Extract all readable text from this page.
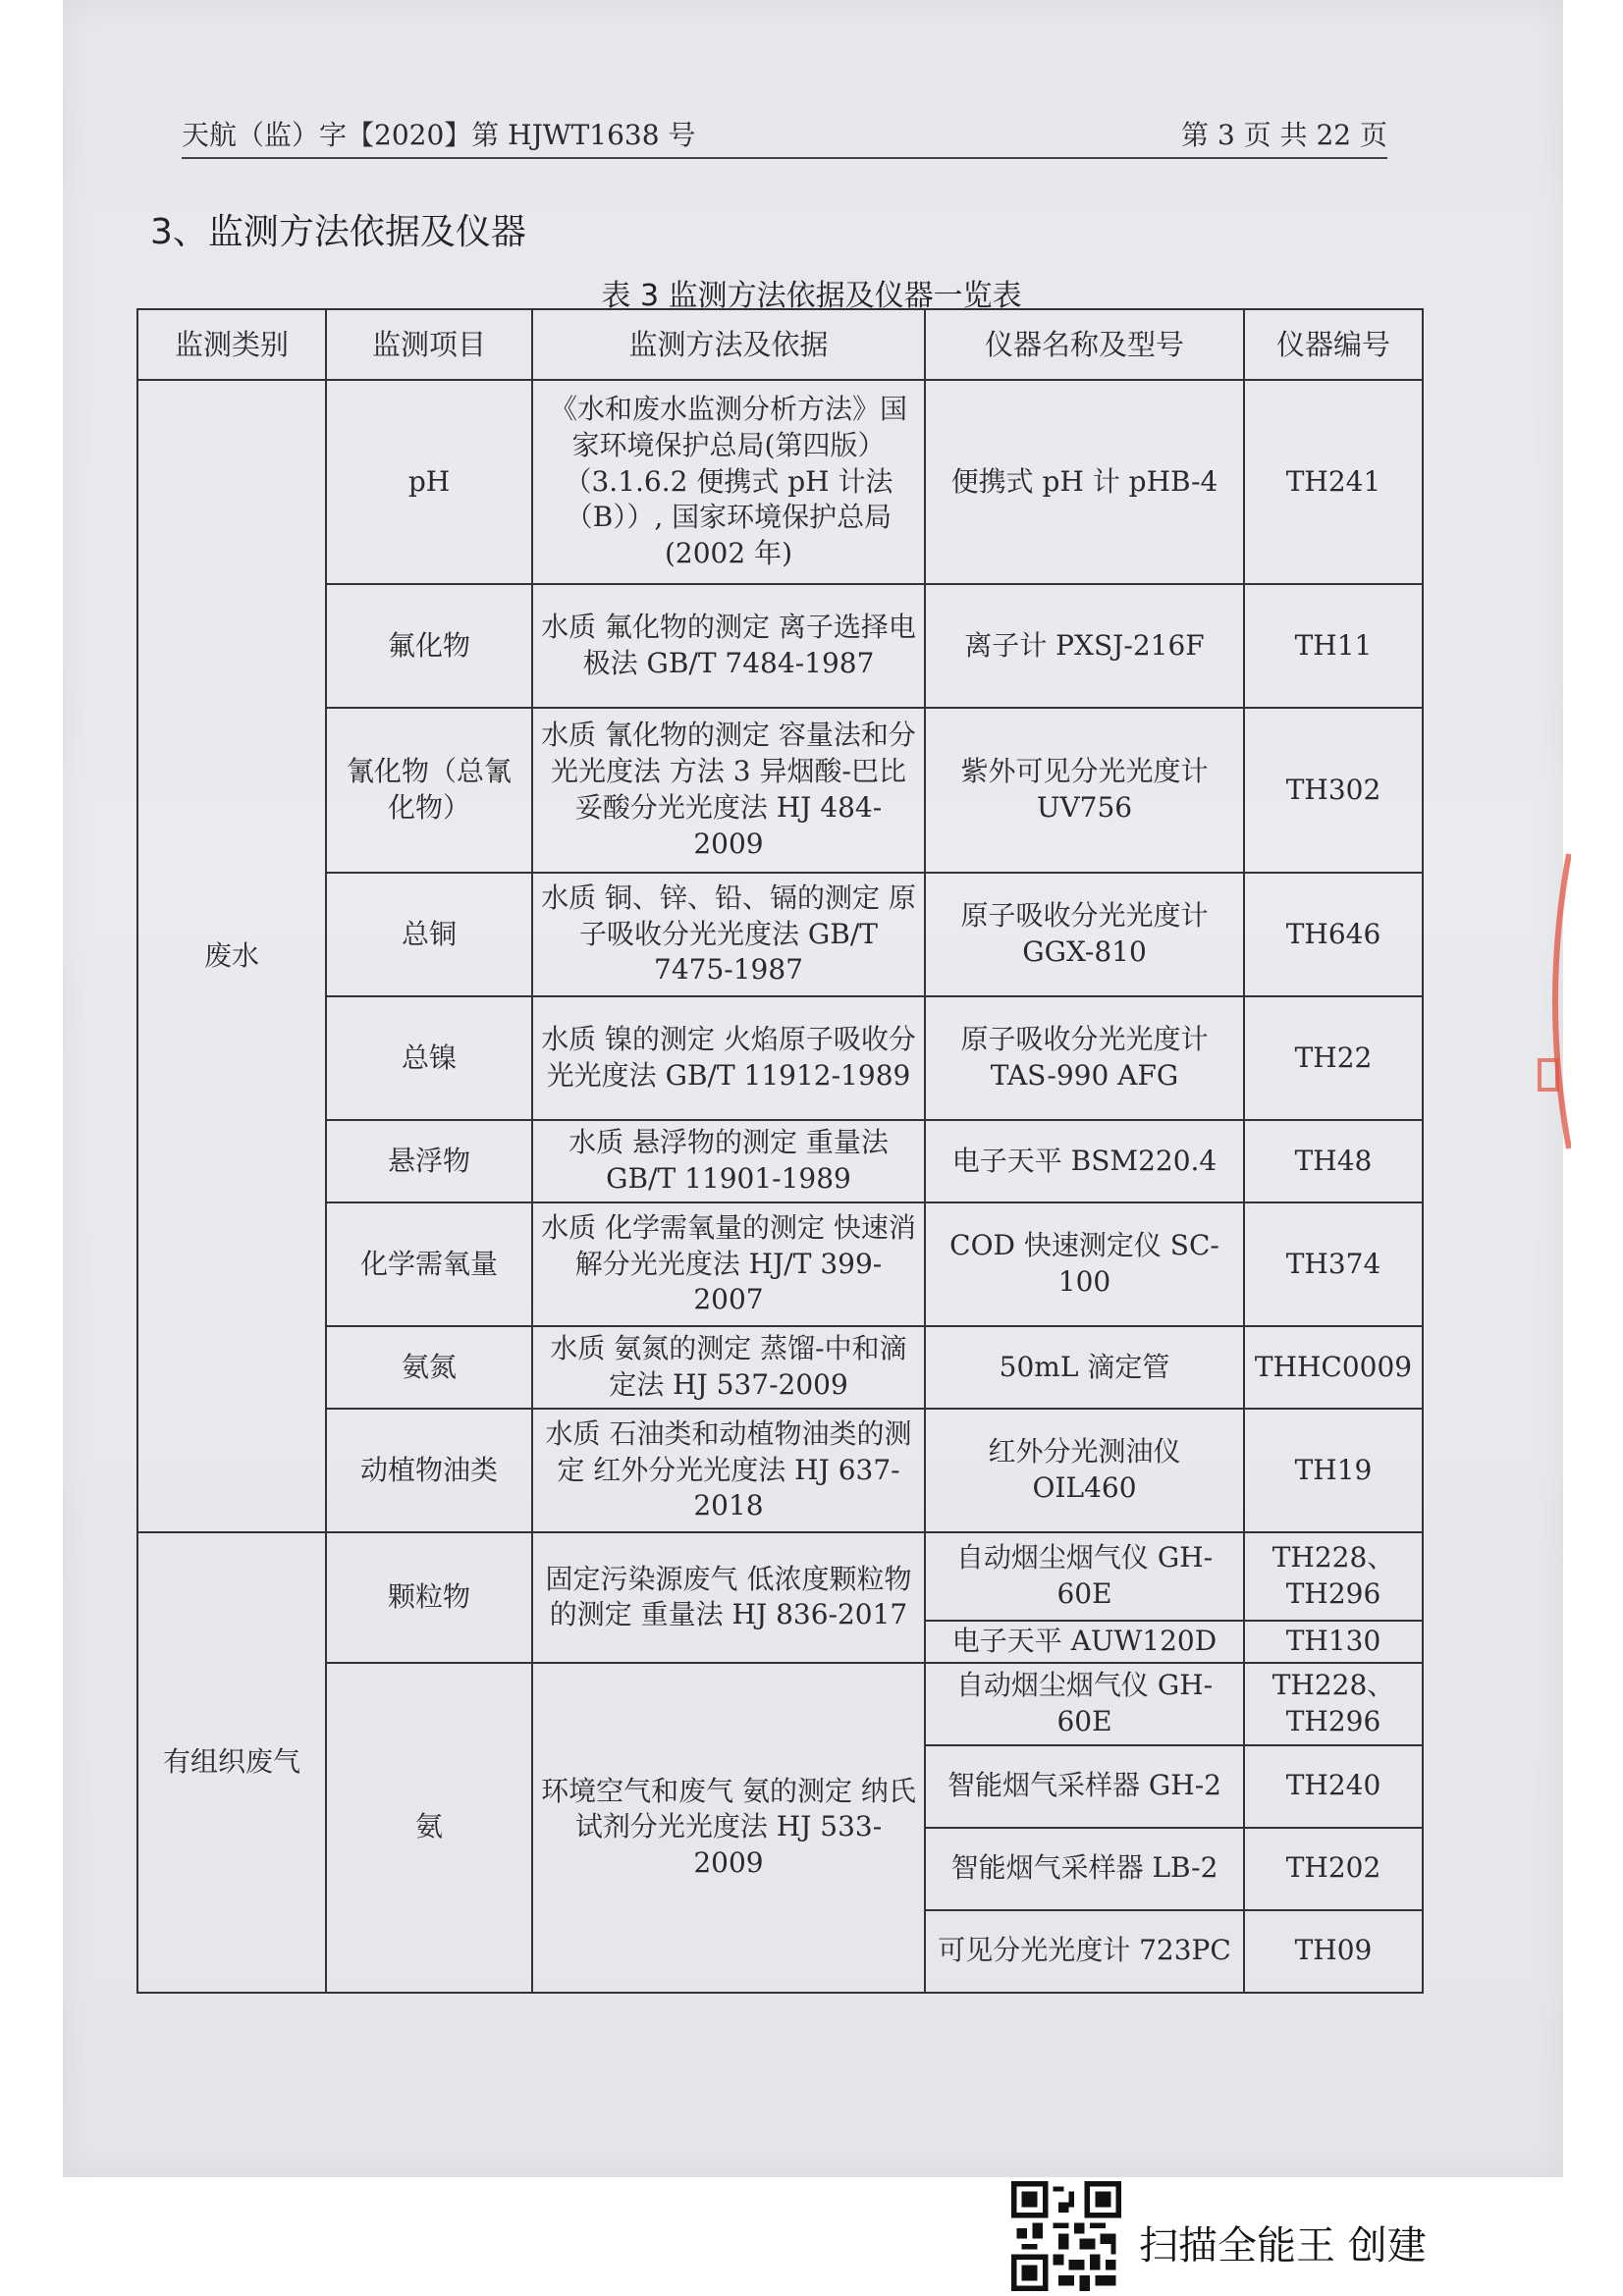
天航（监）字【2020】第 HJWT1638 号	第 3 页 共 22 页
3、监测方法依据及仪器
表 3 监测方法依据及仪器一览表
监测类别	监测项目	监测方法及依据	仪器名称及型号	仪器编号
废水	pH	《水和废水监测分析方法》国家环境保护总局(第四版）（3.1.6.2 便携式 pH 计法（B））, 国家环境保护总局(2002 年)	便携式 pH 计 pHB-4	TH241
	氟化物	水质 氟化物的测定 离子选择电极法 GB/T 7484-1987	离子计 PXSJ-216F	TH11
	氰化物（总氰化物）	水质 氰化物的测定 容量法和分光光度法 方法 3 异烟酸-巴比妥酸分光光度法 HJ 484-2009	紫外可见分光光度计 UV756	TH302
	总铜	水质 铜、锌、铅、镉的测定 原子吸收分光光度法 GB/T 7475-1987	原子吸收分光光度计 GGX-810	TH646
	总镍	水质 镍的测定 火焰原子吸收分光光度法 GB/T 11912-1989	原子吸收分光光度计 TAS-990 AFG	TH22
	悬浮物	水质 悬浮物的测定 重量法 GB/T 11901-1989	电子天平 BSM220.4	TH48
	化学需氧量	水质 化学需氧量的测定 快速消解分光光度法 HJ/T 399-2007	COD 快速测定仪 SC-100	TH374
	氨氮	水质 氨氮的测定 蒸馏-中和滴定法 HJ 537-2009	50mL 滴定管	THHC0009
	动植物油类	水质 石油类和动植物油类的测定 红外分光光度法 HJ 637-2018	红外分光测油仪 OIL460	TH19
有组织废气	颗粒物	固定污染源废气 低浓度颗粒物的测定 重量法 HJ 836-2017	自动烟尘烟气仪 GH-60E	TH228、TH296
			电子天平 AUW120D	TH130
	氨	环境空气和废气 氨的测定 纳氏试剂分光光度法 HJ 533-2009	自动烟尘烟气仪 GH-60E	TH228、TH296
			智能烟气采样器 GH-2	TH240
			智能烟气采样器 LB-2	TH202
			可见分光光度计 723PC	TH09
扫描全能王 创建
